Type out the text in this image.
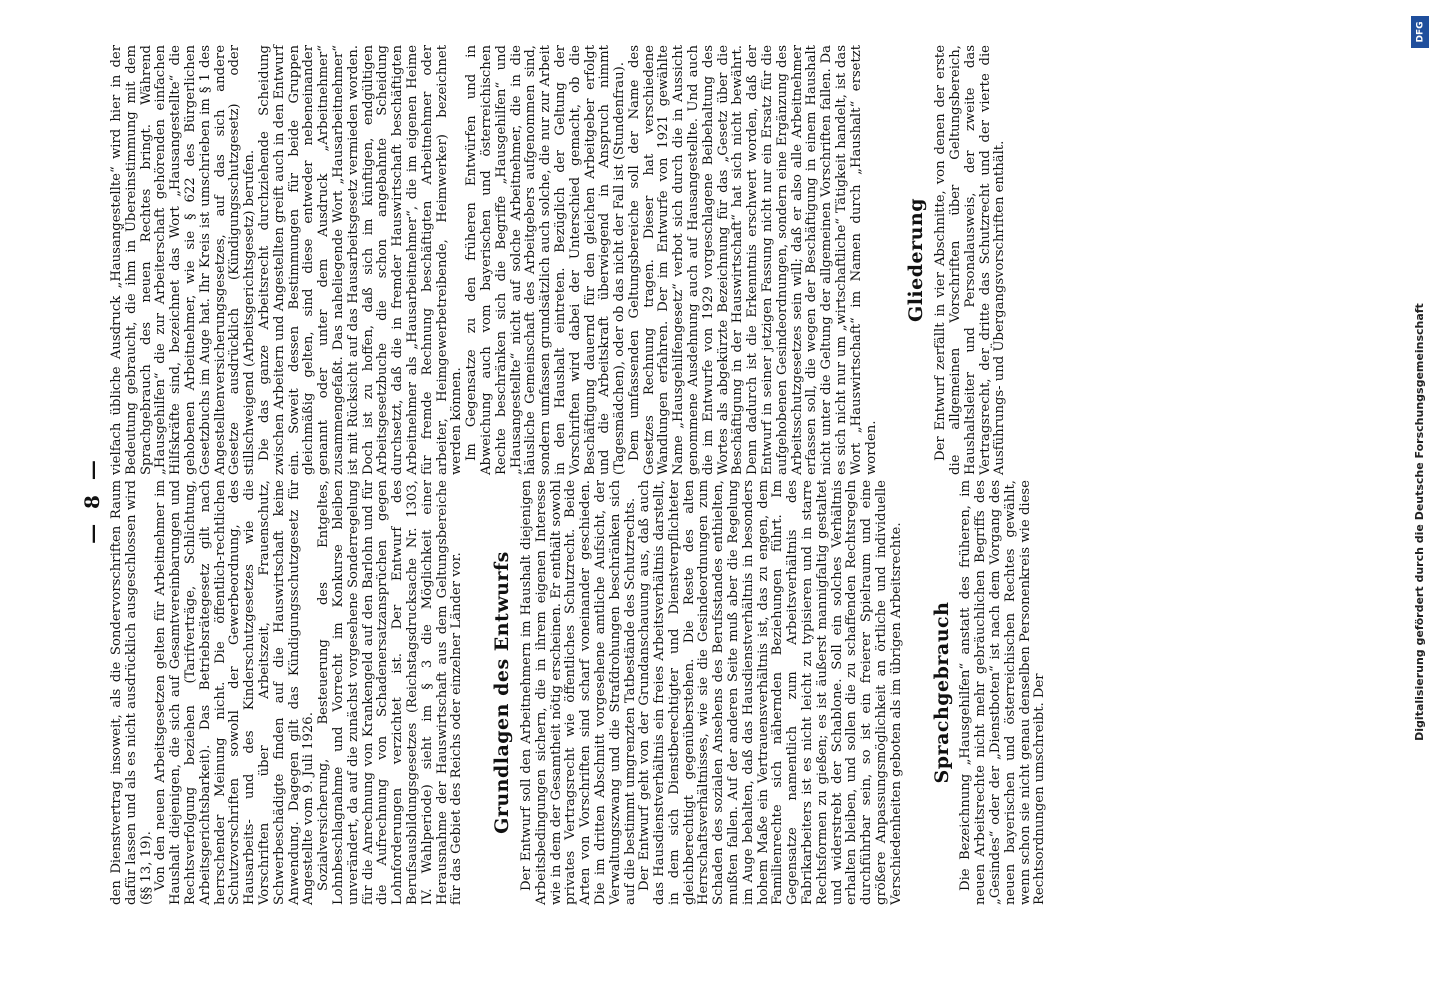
— 8 — den Dienstvertrag insoweit, als die Sondervorschriften Raum dafür lassen und als es nicht ausdrücklich ausgeschlossen wird (§§ 13, 19). Von den neuen Arbeitsgesetzen gelten für Arbeitnehmer im Haushalt diejenigen, die sich auf Gesamtvereinbarungen und Rechtsverfolgung beziehen (Tarifverträge, Schlichtung, Arbeitsgerichtsbarkeit). Das Betriebsrätegesetz gilt nach herrschender Meinung nicht. Die öffentlich-rechtlichen Schutzvorschriften sowohl der Gewerbeordnung, des Hausarbeits- und des Kinderschutzgesetzes wie die Vorschriften über Arbeitszeit, Frauenschutz, Schwerbeschädigte finden auf die Hauswirtschaft keine Anwendung. Dagegen gilt das Kündigungsschutzgesetz für Angestellte vom 9. Juli 1926. Sozialversicherung, Besteuerung des Entgeltes, Lohnbeschlagnahme und Vorrecht im Konkurse bleiben unverändert, da auf die zunächst vorgesehene Sonderregelung für die Anrechnung von Krankengeld auf den Barlohn und für die Aufrechnung von Schadenersatzansprüchen gegen Lohnforderungen verzichtet ist. Der Entwurf des Berufsausbildungsgesetzes (Reichstagsdrucksache Nr. 1303, IV. Wahlperiode) sieht im § 3 die Möglichkeit einer Herausnahme der Hauswirtschaft aus dem Geltungsbereiche für das Gebiet des Reichs oder einzelner Länder vor. Grundlagen des Entwurfs Der Entwurf soll den Arbeitnehmern im Haushalt diejenigen Arbeitsbedingungen sichern, die in ihrem eigenen Interesse wie in dem der Gesamtheit nötig erscheinen. Er enthält sowohl privates Vertragsrecht wie öffentliches Schutzrecht. Beide Arten von Vorschriften sind scharf voneinander geschieden. Die im dritten Abschnitt vorgesehene amtliche Aufsicht, der Verwaltungszwang und die Strafdrohungen beschränken sich auf die bestimmt umgrenzten Tatbestände des Schutzrechts. Der Entwurf geht von der Grundanschauung aus, daß auch das Hausdienstverhältnis ein freies Arbeitsverhältnis darstellt, in dem sich Dienstberechtigter und Dienstverpflichteter gleichberechtigt gegenüberstehen. Die Reste des alten Herrschaftsverhältnisses, wie sie die Gesindeordnungen zum Schaden des sozialen Ansehens des Berufsstandes enthielten, mußten fallen. Auf der anderen Seite muß aber die Regelung im Auge behalten, daß das Hausdienstverhältnis in besonders hohem Maße ein Vertrauensverhältnis ist, das zu engen, dem Familienrechte sich nähernden Beziehungen führt. Im Gegensatze namentlich zum Arbeitsverhältnis des Fabrikarbeiters ist es nicht leicht zu typisieren und in starre Rechtsformen zu gießen; es ist äußerst mannigfaltig gestaltet und widerstrebt der Schablone. Soll ein solches Verhältnis erhalten bleiben, und sollen die zu schaffenden Rechtsregeln durchführbar sein, so ist ein freierer Spielraum und eine größere Anpassungsmöglichkeit an örtliche und individuelle Verschiedenheiten geboten als im übrigen Arbeitsrechte. Sprachgebrauch Die Bezeichnung „Hausgehilfen“ anstatt des früheren, im neuen Arbeitsrechte nicht mehr gebräuchlichen Begriffs des „Gesindes“ oder der „Dienstboten“ ist nach dem Vorgang des neuen bayerischen und österreichischen Rechtes gewählt, wenn schon sie nicht genau denselben Personenkreis wie diese Rechtsordnungen umschreibt. Der

vielfach übliche Ausdruck „Hausangestellte“ wird hier in der Bedeutung gebraucht, die ihm in Übereinstimmung mit dem Sprachgebrauch des neuen Rechtes bringt. Während „Hausgehilfen“ die zur Arbeiterschaft gehörenden einfachen Hilfskräfte sind, bezeichnet das Wort „Hausangestellte“ die gehobenen Arbeitnehmer, wie sie § 622 des Bürgerlichen Gesetzbuchs im Auge hat. Ihr Kreis ist umschrieben im § 1 des Angestelltenversicherungsgesetzes, auf das sich andere Gesetze ausdrücklich (Kündigungsschutzgesetz) oder stillschweigend (Arbeitsgerichtsgesetz) berufen. Die das ganze Arbeitsrecht durchziehende Scheidung zwischen Arbeitern und Angestellten greift auch in den Entwurf ein. Soweit dessen Bestimmungen für beide Gruppen gleichmäßig gelten, sind diese entweder nebeneinander genannt oder unter dem Ausdruck „Arbeitnehmer“ zusammengefaßt. Das naheliegende Wort „Hausarbeitnehmer“ ist mit Rücksicht auf das Hausarbeitsgesetz vermieden worden. Doch ist zu hoffen, daß sich im künftigen, endgültigen Arbeitsgesetzbuche die schon angebahnte Scheidung durchsetzt, daß die in fremder Hauswirtschaft beschäftigten Arbeitnehmer als „Hausarbeitnehmer“, die im eigenen Heime für fremde Rechnung beschäftigten Arbeitnehmer oder arbeiter, Heimgewerbetreibende, Heimwerker) bezeichnet werden können. Im Gegensatze zu den früheren Entwürfen und in Abweichung auch vom bayerischen und österreichischen Rechte beschränken sich die Begriffe „Hausgehilfen“ und „Hausangestellte“ nicht auf solche Arbeitnehmer, die in die häusliche Gemeinschaft des Arbeitgebers aufgenommen sind, sondern umfassen grundsätzlich auch solche, die nur zur Arbeit in den Haushalt eintreten. Bezüglich der Geltung der Vorschriften wird dabei der Unterschied gemacht, ob die Beschäftigung dauernd für den gleichen Arbeitgeber erfolgt und die Arbeitskraft überwiegend in Anspruch nimmt (Tagesmädchen), oder ob das nicht der Fall ist (Stundenfrau). Dem umfassenden Geltungsbereiche soll der Name des Gesetzes Rechnung tragen. Dieser hat verschiedene Wandlungen erfahren. Der im Entwurfe von 1921 gewählte Name „Hausgehilfengesetz“ verbot sich durch die in Aussicht genommene Ausdehnung auch auf Hausangestellte. Und auch die im Entwurfe von 1929 vorgeschlagene Beibehaltung des Wortes als abgekürzte Bezeichnung für das „Gesetz über die Beschäftigung in der Hauswirtschaft“ hat sich nicht bewährt. Denn dadurch ist die Erkenntnis erschwert worden, daß der Entwurf in seiner jetzigen Fassung nicht nur ein Ersatz für die aufgehobenen Gesindeordnungen, sondern eine Ergänzung des Arbeitsschutzgesetzes sein will; daß er also alle Arbeitnehmer erfassen soll, die wegen der Beschäftigung in einem Haushalt nicht unter die Geltung der allgemeinen Vorschriften fallen. Da es sich nicht nur um „wirtschaftliche“ Tätigkeit handelt, ist das Wort „Hauswirtschaft“ im Namen durch „Haushalt“ ersetzt worden.

Gliederung Der Entwurf zerfällt in vier Abschnitte, von denen der erste die allgemeinen Vorschriften über Geltungsbereich, Haushaltsleiter und Personalausweis, der zweite das Vertragsrecht, der dritte das Schutzrecht und der vierte die Ausführungs- und Übergangsvorschriften enthält.

DFG
Digitalisierung gefördert durch die Deutsche Forschungsgemeinschaft
